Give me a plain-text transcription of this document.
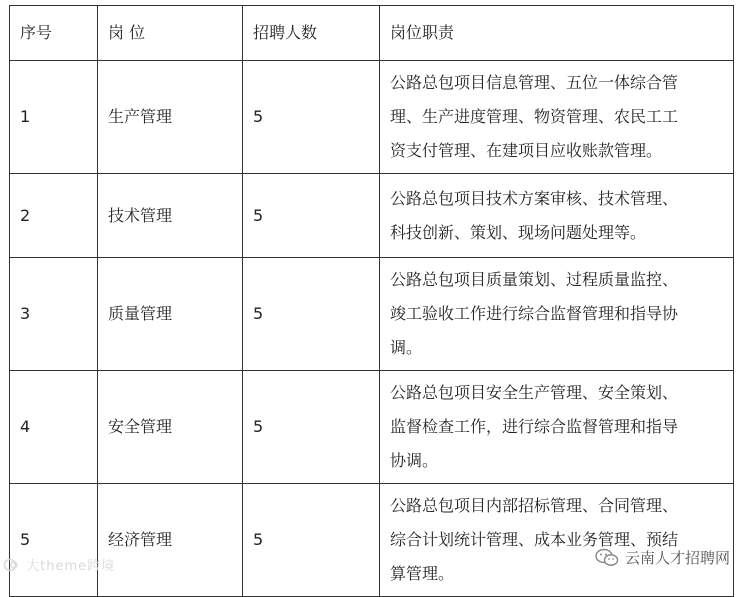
序号	岗 位	招聘人数	岗位职责
1	生产管理	5	公路总包项目信息管理、五位一体综合管
理、生产进度管理、物资管理、农民工工
资支付管理、在建项目应收账款管理。

2	技术管理	5	公路总包项目技术方案审核、技术管理、
科技创新、策划、现场问题处理等。

3	质量管理	5	公路总包项目质量策划、过程质量监控、
竣工验收工作进行综合监督管理和指导协
调。

4	安全管理	5	公路总包项目安全生产管理、安全策划、
监督检查工作，进行综合监督管理和指导
协调。

5	经济管理	5	公路总包项目内部招标管理、合同管理、
综合计划统计管理、成本业务管理、预结
算管理。
大theme跨境	云南人才招聘网
